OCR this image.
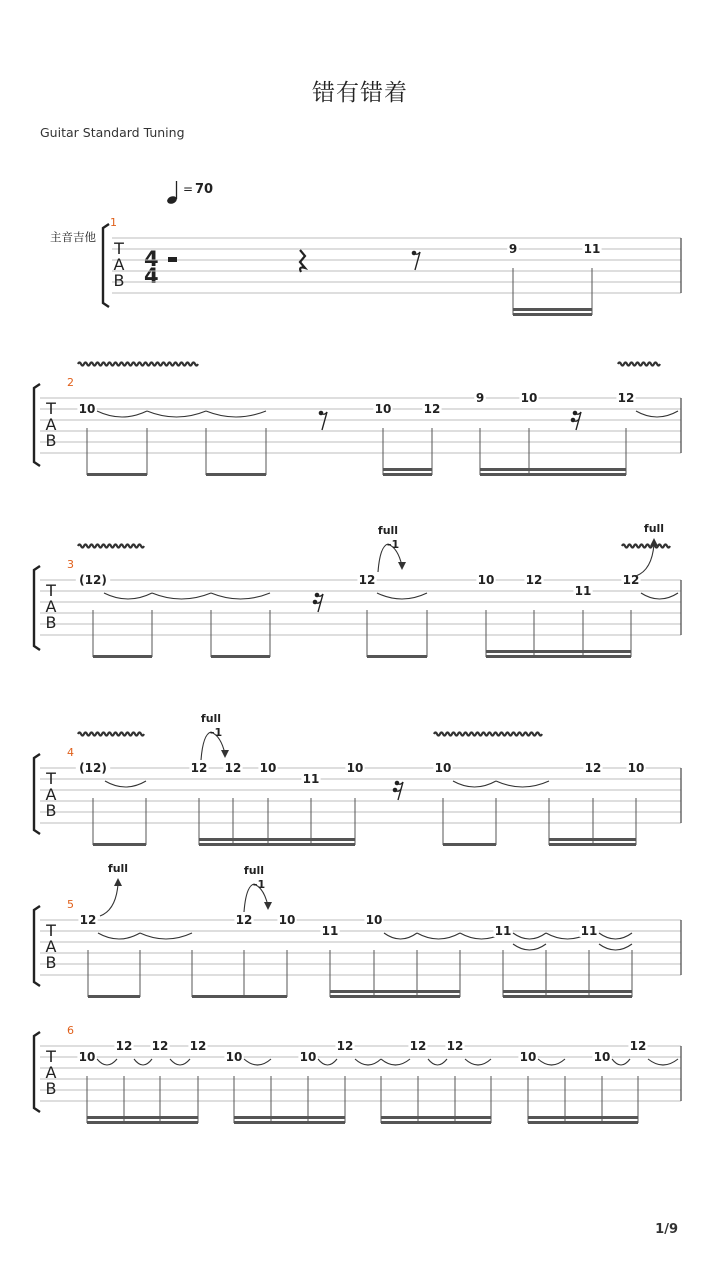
错有错着
Guitar Standard Tuning
1/9
= 70
主音吉他
4
4
1
T
A
B
9	11
2
T
A
B
10	10	12
9	10	12
3
T
A
B
(12)	12	10	12
11
12
-1
full	full
4
T
A
B
(12)	12 12 10
11
10	10	12 10
-1
full
5
T
A
B
12	12 10
11
10
11	11
full
-1
full
6
T
A
B
10
12 12 12
10	10
12	12 12
10	10
12
